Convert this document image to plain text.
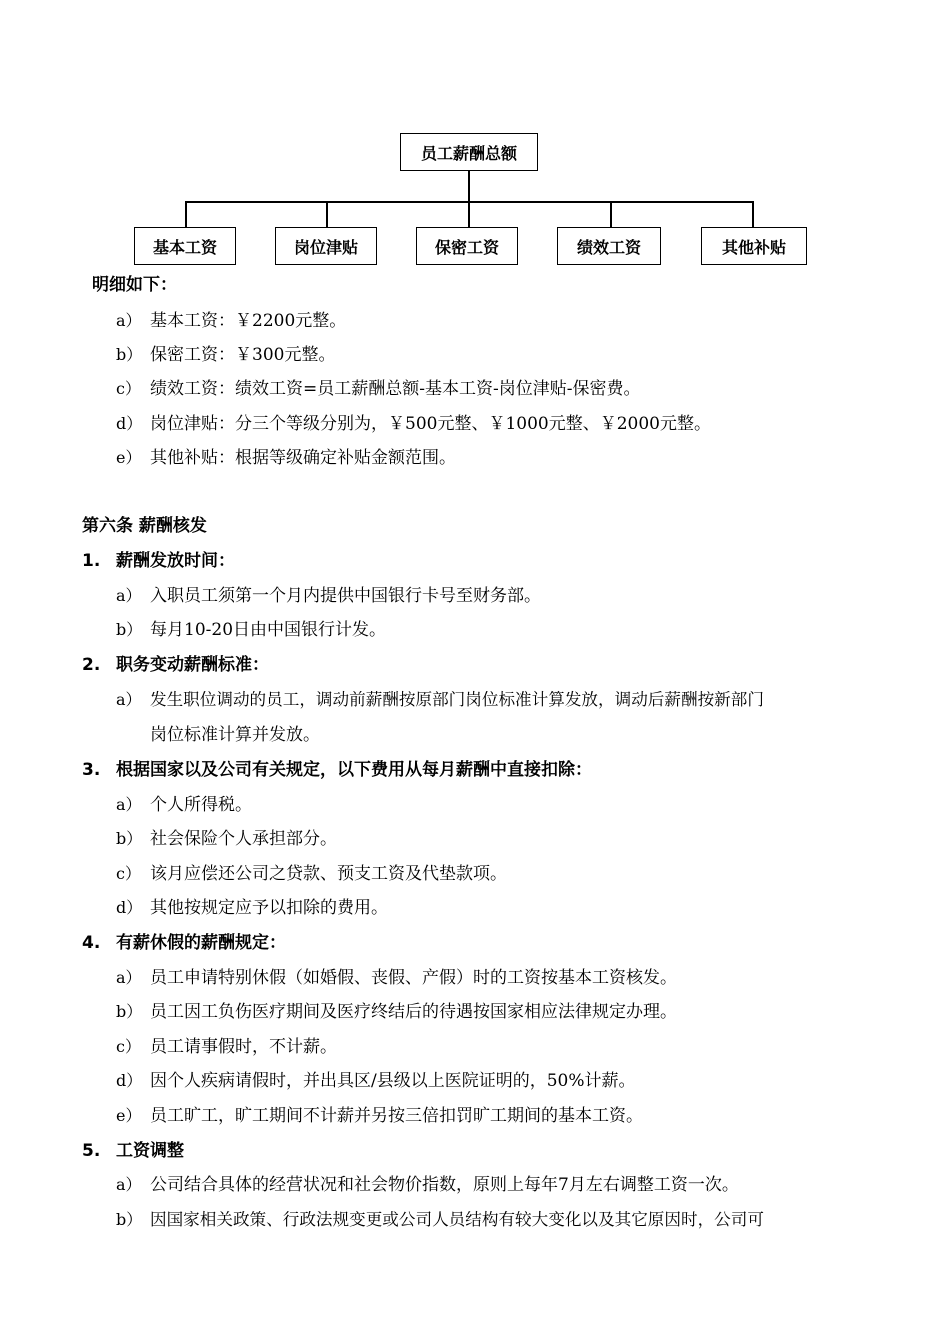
员工薪酬总额
基本工资	岗位津贴	保密工资	绩效工资	其他补贴
明细如下：
a） 基本工资：￥2200元整。
b） 保密工资：￥300元整。
c） 绩效工资：绩效工资=员工薪酬总额-基本工资-岗位津贴-保密费。
d） 岗位津贴：分三个等级分别为，￥500元整、￥1000元整、￥2000元整。
e） 其他补贴：根据等级确定补贴金额范围。
第六条 薪酬核发
1. 薪酬发放时间：
a） 入职员工须第一个月内提供中国银行卡号至财务部。
b） 每月10-20日由中国银行计发。
2. 职务变动薪酬标准：
a） 发生职位调动的员工，调动前薪酬按原部门岗位标准计算发放，调动后薪酬按新部门
岗位标准计算并发放。
3. 根据国家以及公司有关规定，以下费用从每月薪酬中直接扣除：
a） 个人所得税。
b） 社会保险个人承担部分。
c） 该月应偿还公司之贷款、预支工资及代垫款项。
d） 其他按规定应予以扣除的费用。
4. 有薪休假的薪酬规定：
a） 员工申请特别休假（如婚假、丧假、产假）时的工资按基本工资核发。
b） 员工因工负伤医疗期间及医疗终结后的待遇按国家相应法律规定办理。
c） 员工请事假时，不计薪。
d） 因个人疾病请假时，并出具区/县级以上医院证明的，50%计薪。
e） 员工旷工，旷工期间不计薪并另按三倍扣罚旷工期间的基本工资。
5. 工资调整
a） 公司结合具体的经营状况和社会物价指数，原则上每年7月左右调整工资一次。
b） 因国家相关政策、行政法规变更或公司人员结构有较大变化以及其它原因时，公司可
